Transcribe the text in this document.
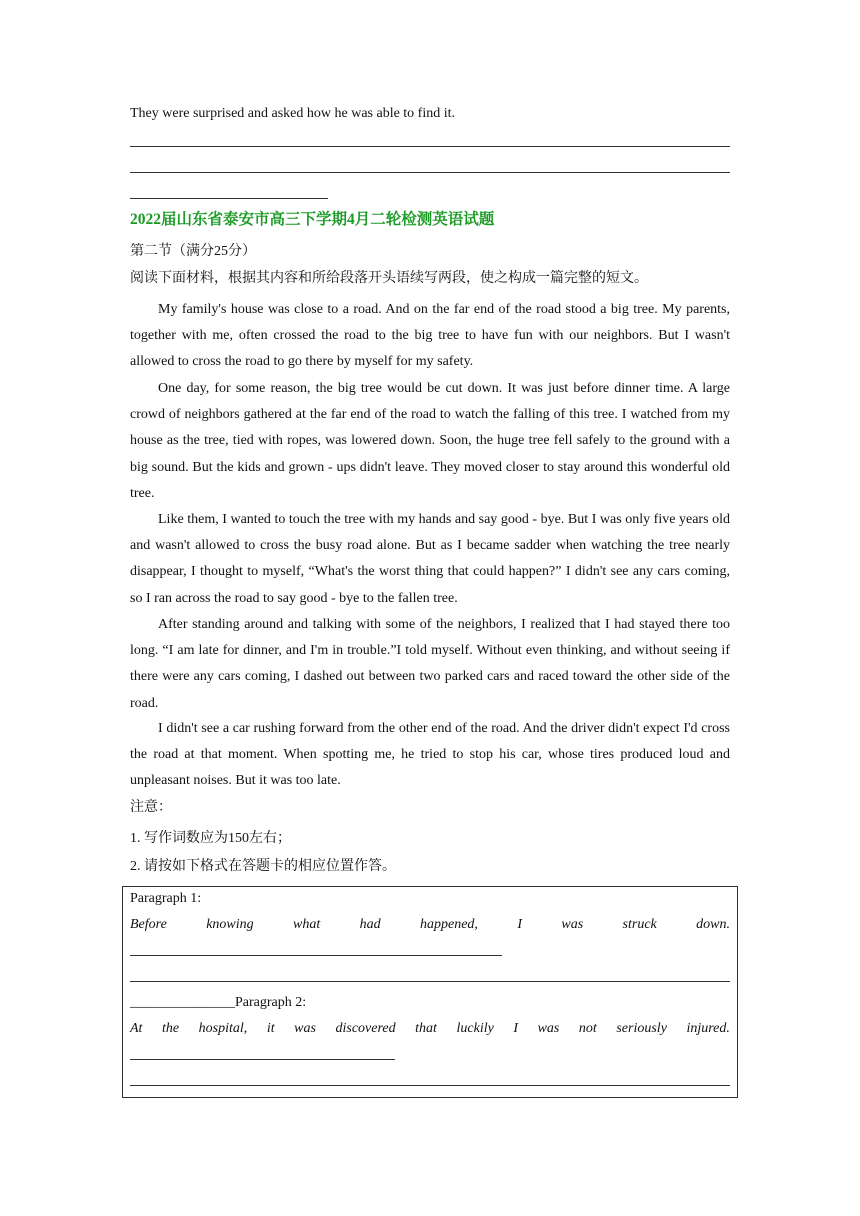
They were surprised and asked how he was able to find it.
2022届山东省泰安市高三下学期4月二轮检测英语试题
第二节（满分25分）
阅读下面材料，根据其内容和所给段落开头语续写两段，使之构成一篇完整的短文。

My family's house was close to a road. And on the far end of the road stood a big tree. My parents, together with me, often crossed the road to the big tree to have fun with our neighbors. But I wasn't allowed to cross the road to go there by myself for my safety.

One day, for some reason, the big tree would be cut down. It was just before dinner time. A large crowd of neighbors gathered at the far end of the road to watch the falling of this tree. I watched from my house as the tree, tied with ropes, was lowered down. Soon, the huge tree fell safely to the ground with a big sound. But the kids and grown - ups didn't leave. They moved closer to stay around this wonderful old tree.

Like them, I wanted to touch the tree with my hands and say good - bye. But I was only five years old and wasn't allowed to cross the busy road alone. But as I became sadder when watching the tree nearly disappear, I thought to myself, “What's the worst thing that could happen?” I didn't see any cars coming, so I ran across the road to say good - bye to the fallen tree.

After standing around and talking with some of the neighbors, I realized that I had stayed there too long. “I am late for dinner, and I'm in trouble.”I told myself. Without even thinking, and without seeing if there were any cars coming, I dashed out between two parked cars and raced toward the other side of the road.

I didn't see a car rushing forward from the other end of the road. And the driver didn't expect I'd cross the road at that moment. When spotting me, he tried to stop his car, whose tires produced loud and unpleasant noises. But it was too late.

注意：
1. 写作词数应为150左右；
2. 请按如下格式在答题卡的相应位置作答。
Paragraph 1:
Before	knowing	what	had	happened,	I	was	struck	down.
_______________Paragraph 2:
At the hospital, it was discovered that luckily I was not seriously injured.
